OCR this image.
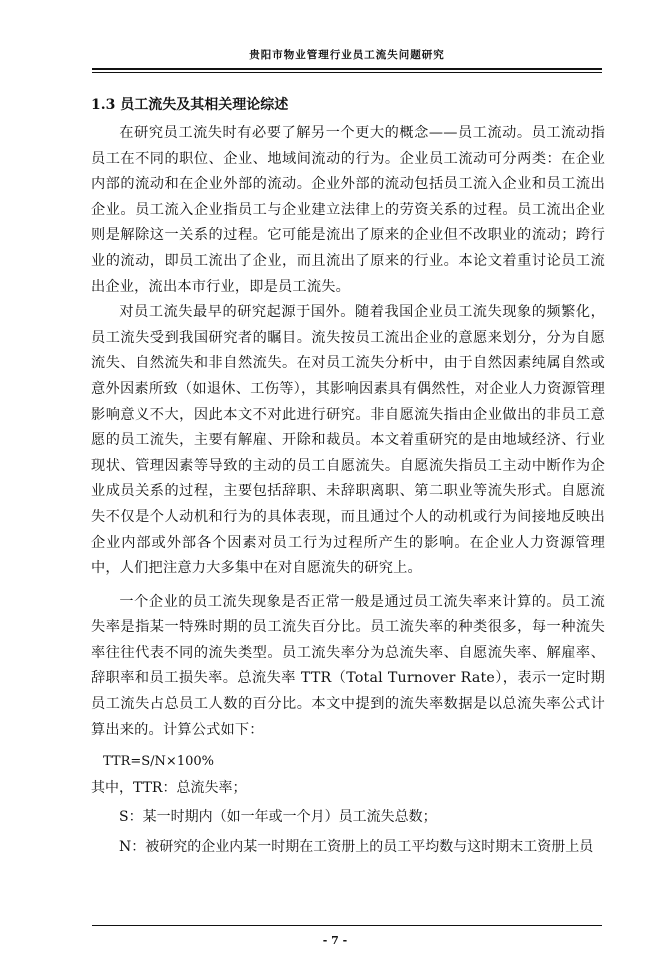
贵阳市物业管理行业员工流失问题研究
1.3 员工流失及其相关理论综述

在研究员工流失时有必要了解另一个更大的概念——员工流动。员工流动指员工在不同的职位、企业、地域间流动的行为。企业员工流动可分两类：在企业内部的流动和在企业外部的流动。企业外部的流动包括员工流入企业和员工流出企业。员工流入企业指员工与企业建立法律上的劳资关系的过程。员工流出企业则是解除这一关系的过程。它可能是流出了原来的企业但不改职业的流动；跨行业的流动，即员工流出了企业，而且流出了原来的行业。本论文着重讨论员工流出企业，流出本市行业，即是员工流失。

对员工流失最早的研究起源于国外。随着我国企业员工流失现象的频繁化，员工流失受到我国研究者的瞩目。流失按员工流出企业的意愿来划分，分为自愿流失、自然流失和非自然流失。在对员工流失分析中，由于自然因素纯属自然或意外因素所致（如退休、工伤等），其影响因素具有偶然性，对企业人力资源管理影响意义不大，因此本文不对此进行研究。非自愿流失指由企业做出的非员工意愿的员工流失，主要有解雇、开除和裁员。本文着重研究的是由地域经济、行业现状、管理因素等导致的主动的员工自愿流失。自愿流失指员工主动中断作为企业成员关系的过程，主要包括辞职、未辞职离职、第二职业等流失形式。自愿流失不仅是个人动机和行为的具体表现，而且通过个人的动机或行为间接地反映出企业内部或外部各个因素对员工行为过程所产生的影响。在企业人力资源管理中，人们把注意力大多集中在对自愿流失的研究上。

一个企业的员工流失现象是否正常一般是通过员工流失率来计算的。员工流失率是指某一特殊时期的员工流失百分比。员工流失率的种类很多，每一种流失率往往代表不同的流失类型。员工流失率分为总流失率、自愿流失率、解雇率、辞职率和员工损失率。总流失率 TTR（Total Turnover Rate），表示一定时期员工流失占总员工人数的百分比。本文中提到的流失率数据是以总流失率公式计算出来的。计算公式如下：

TTR=S/N×100%
其中，TTR：总流失率；
S：某一时期内（如一年或一个月）员工流失总数；
N：被研究的企业内某一时期在工资册上的员工平均数与这时期末工资册上员
- 7 -
